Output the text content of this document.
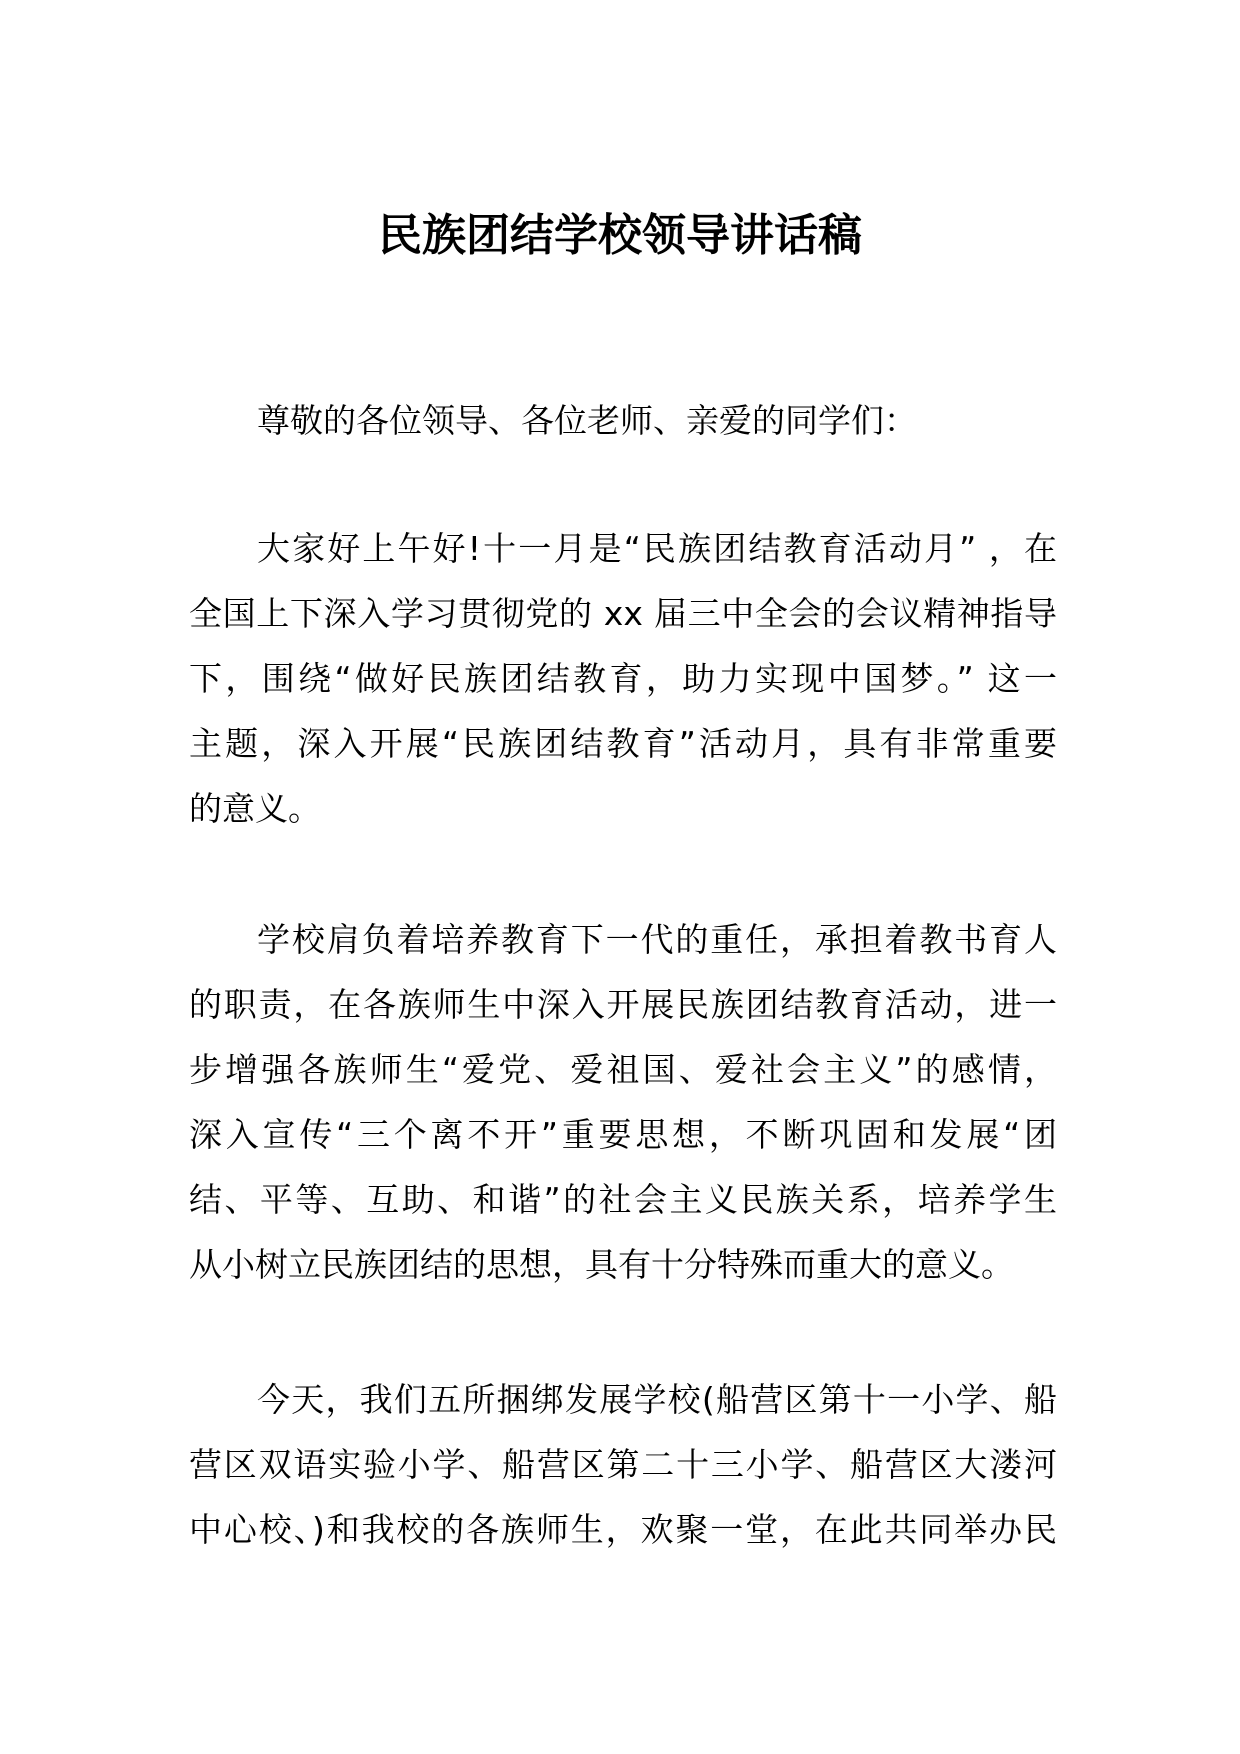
民族团结学校领导讲话稿
尊敬的各位领导、各位老师、亲爱的同学们：
大家好上午好!十一月是“民族团结教育活动月” ，在
全国上下深入学习贯彻党的 xx 届三中全会的会议精神指导
下，围绕“做好民族团结教育，助力实现中国梦。” 这一
主题，深入开展“民族团结教育”活动月，具有非常重要
的意义。
学校肩负着培养教育下一代的重任，承担着教书育人
的职责，在各族师生中深入开展民族团结教育活动，进一
步增强各族师生“爱党、爱祖国、爱社会主义”的感情，
深入宣传“三个离不开”重要思想，不断巩固和发展“团
结、平等、互助、和谐”的社会主义民族关系，培养学生
从小树立民族团结的思想，具有十分特殊而重大的意义。
今天，我们五所捆绑发展学校(船营区第十一小学、船
营区双语实验小学、船营区第二十三小学、船营区大溇河
中心校、)和我校的各族师生，欢聚一堂，在此共同举办民
